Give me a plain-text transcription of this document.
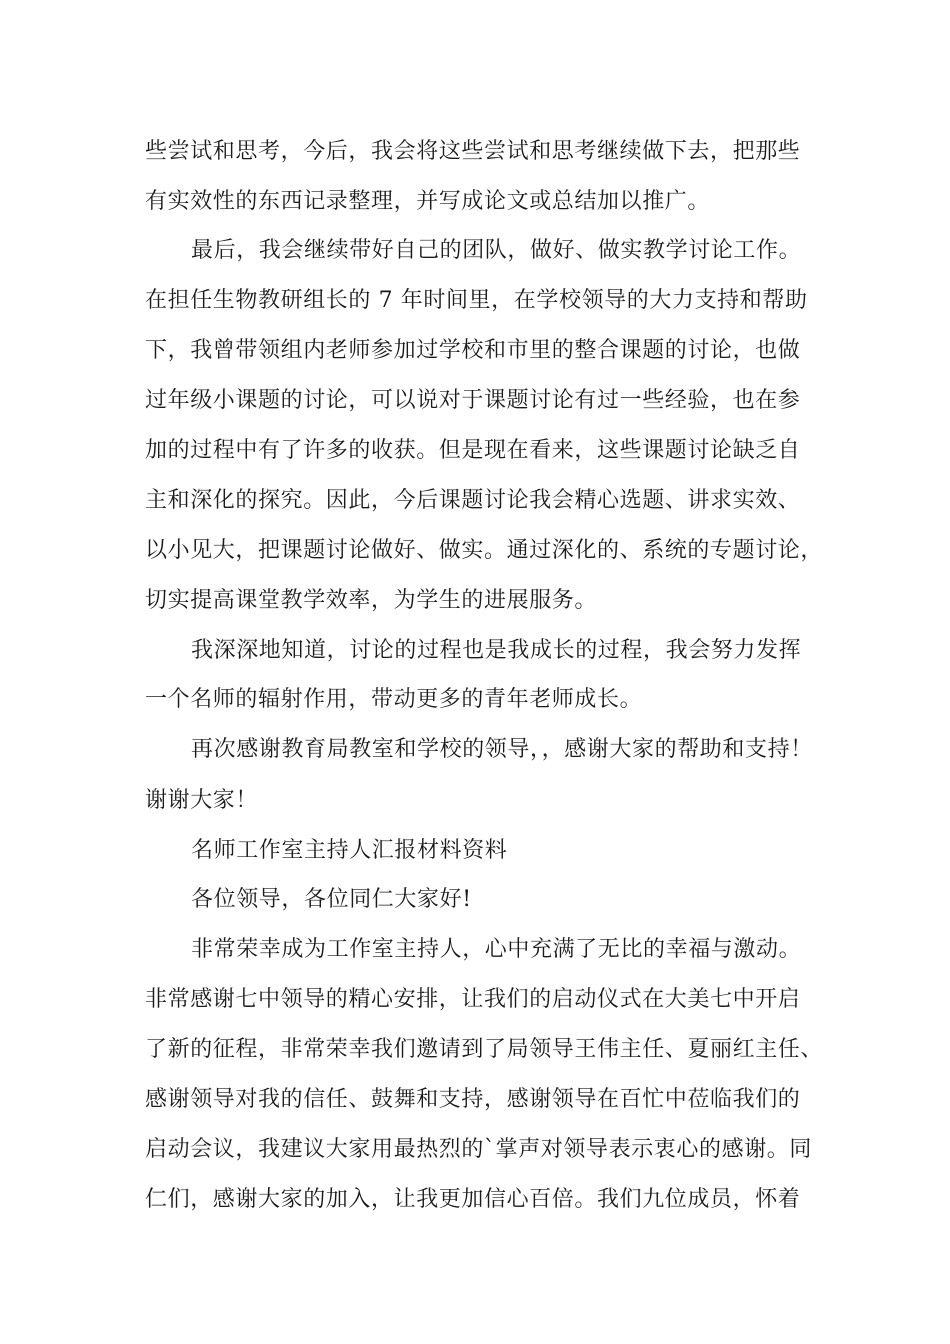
些尝试和思考，今后，我会将这些尝试和思考继续做下去，把那些

有实效性的东西记录整理，并写成论文或总结加以推广。

最后，我会继续带好自己的团队，做好、做实教学讨论工作。

在担任生物教研组长的 7 年时间里，在学校领导的大力支持和帮助

下，我曾带领组内老师参加过学校和市里的整合课题的讨论，也做

过年级小课题的讨论，可以说对于课题讨论有过一些经验，也在参

加的过程中有了许多的收获。但是现在看来，这些课题讨论缺乏自

主和深化的探究。因此，今后课题讨论我会精心选题、讲求实效、

以小见大，把课题讨论做好、做实。通过深化的、系统的专题讨论，

切实提高课堂教学效率，为学生的进展服务。

我深深地知道，讨论的过程也是我成长的过程，我会努力发挥

一个名师的辐射作用，带动更多的青年老师成长。

再次感谢教育局教室和学校的领导，，感谢大家的帮助和支持！

谢谢大家！

名师工作室主持人汇报材料资料

各位领导，各位同仁大家好!

非常荣幸成为工作室主持人，心中充满了无比的幸福与激动。

非常感谢七中领导的精心安排，让我们的启动仪式在大美七中开启

了新的征程，非常荣幸我们邀请到了局领导王伟主任、夏丽红主任、

感谢领导对我的信任、鼓舞和支持，感谢领导在百忙中莅临我们的

启动会议，我建议大家用最热烈的`掌声对领导表示衷心的感谢。同

仁们，感谢大家的加入，让我更加信心百倍。我们九位成员，怀着
